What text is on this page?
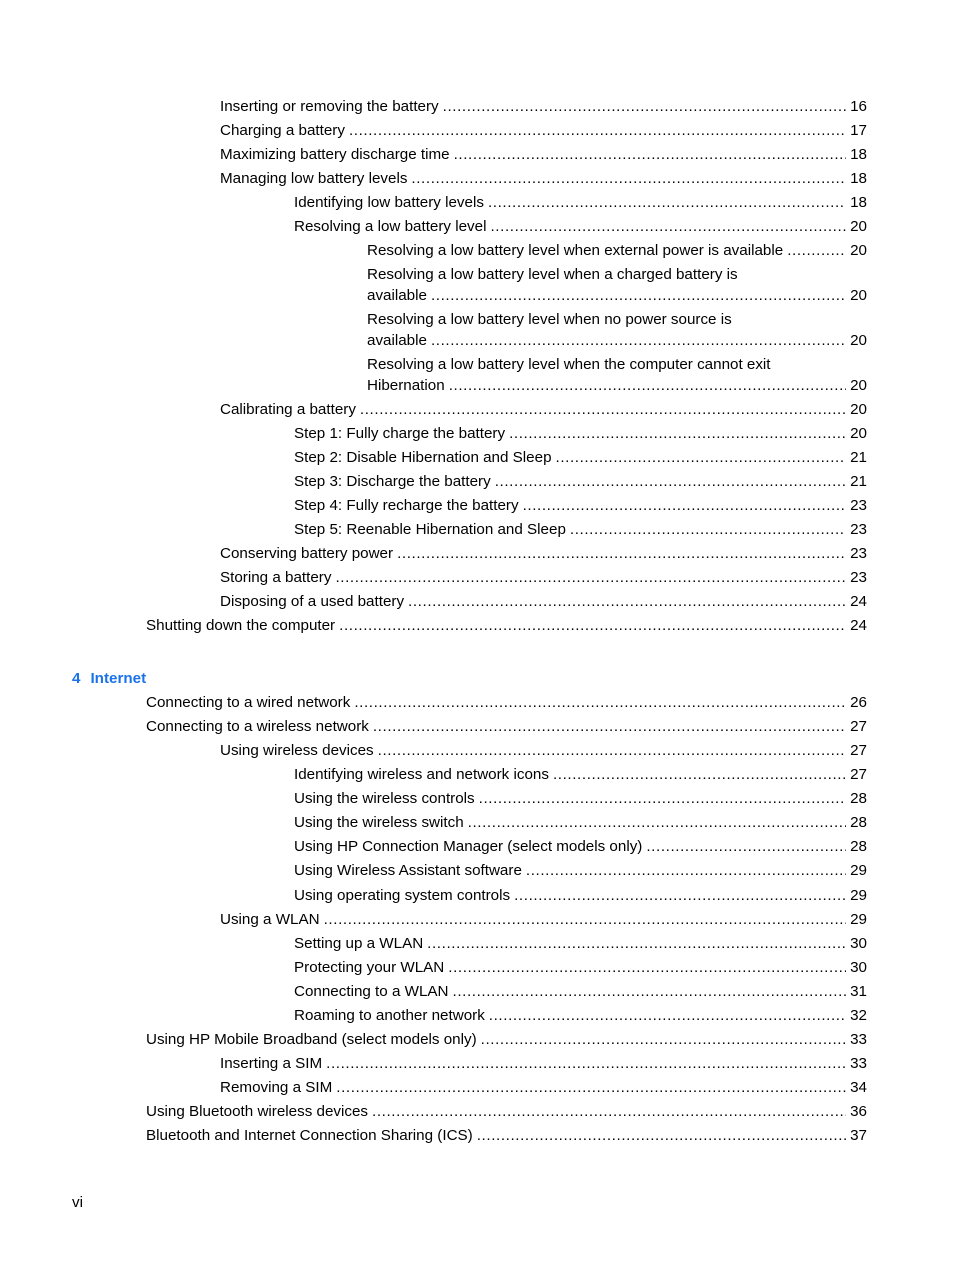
Inserting or removing the battery .....	16
Charging a battery .....	17
Maximizing battery discharge time .....	18
Managing low battery levels .....	18
Identifying low battery levels .....	18
Resolving a low battery level .....	20
Resolving a low battery level when external power is available .....	20
Resolving a low battery level when a charged battery is
available .....	20
Resolving a low battery level when no power source is
available .....	20
Resolving a low battery level when the computer cannot exit
Hibernation .....	20
Calibrating a battery .....	20
Step 1: Fully charge the battery .....	20
Step 2: Disable Hibernation and Sleep .....	21
Step 3: Discharge the battery .....	21
Step 4: Fully recharge the battery .....	23
Step 5: Reenable Hibernation and Sleep .....	23
Conserving battery power .....	23
Storing a battery .....	23
Disposing of a used battery .....	24
Shutting down the computer .....	24
4 Internet
Connecting to a wired network .....	26
Connecting to a wireless network .....	27
Using wireless devices .....	27
Identifying wireless and network icons .....	27
Using the wireless controls .....	28
Using the wireless switch .....	28
Using HP Connection Manager (select models only) .....	28
Using Wireless Assistant software .....	29
Using operating system controls .....	29
Using a WLAN .....	29
Setting up a WLAN .....	30
Protecting your WLAN .....	30
Connecting to a WLAN .....	31
Roaming to another network .....	32
Using HP Mobile Broadband (select models only) .....	33
Inserting a SIM .....	33
Removing a SIM .....	34
Using Bluetooth wireless devices .....	36
Bluetooth and Internet Connection Sharing (ICS) .....	37
vi
